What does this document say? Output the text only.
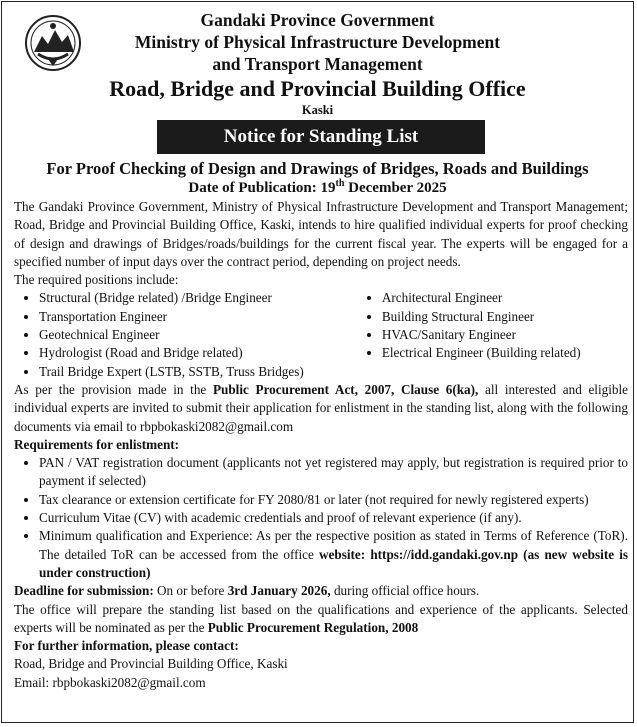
Gandaki Province Government
Ministry of Physical Infrastructure Development
and Transport Management
Road, Bridge and Provincial Building Office
Kaski
Notice for Standing List
For Proof Checking of Design and Drawings of Bridges, Roads and Buildings
Date of Publication: 19th December 2025

The Gandaki Province Government, Ministry of Physical Infrastructure Development and Transport Management; Road, Bridge and Provincial Building Office, Kaski, intends to hire qualified individual experts for proof checking of design and drawings of Bridges/roads/buildings for the current fiscal year. The experts will be engaged for a specified number of input days over the contract period, depending on project needs.

The required positions include:

• Structural (Bridge related) /Bridge Engineer
• Transportation Engineer
• Geotechnical Engineer
• Hydrologist (Road and Bridge related)
• Trail Bridge Expert (LSTB, SSTB, Truss Bridges)
• Architectural Engineer
• Building Structural Engineer
• HVAC/Sanitary Engineer
• Electrical Engineer (Building related)

As per the provision made in the Public Procurement Act, 2007, Clause 6(ka), all interested and eligible individual experts are invited to submit their application for enlistment in the standing list, along with the following documents via email to rbpbokaski2082@gmail.com

Requirements for enlistment:

• PAN / VAT registration document (applicants not yet registered may apply, but registration is required prior to payment if selected)
• Tax clearance or extension certificate for FY 2080/81 or later (not required for newly registered experts)
• Curriculum Vitae (CV) with academic credentials and proof of relevant experience (if any).
• Minimum qualification and Experience: As per the respective position as stated in Terms of Reference (ToR). The detailed ToR can be accessed from the office website: https://idd.gandaki.gov.np (as new website is under construction)

Deadline for submission: On or before 3rd January 2026, during official office hours.

The office will prepare the standing list based on the qualifications and experience of the applicants. Selected experts will be nominated as per the Public Procurement Regulation, 2008

For further information, please contact:

Road, Bridge and Provincial Building Office, Kaski

Email: rbpbokaski2082@gmail.com
